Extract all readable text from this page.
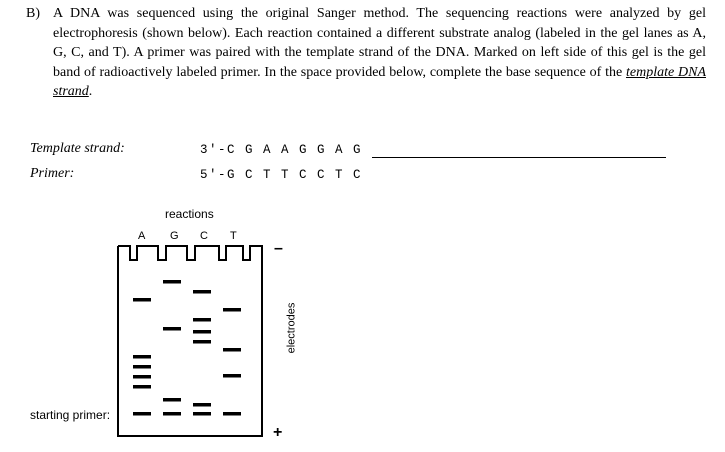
B) A DNA was sequenced using the original Sanger method. The sequencing reactions were analyzed by gel electrophoresis (shown below). Each reaction contained a different substrate analog (labeled in the gel lanes as A, G, C, and T). A primer was paired with the template strand of the DNA. Marked on left side of this gel is the gel band of radioactively labeled primer. In the space provided below, complete the base sequence of the template DNA strand.
Template strand:	3′-C G A A G G A G
Primer:	5′-G C T T C C T C
reactions
A G C T
–
+
electrodes
starting primer:
